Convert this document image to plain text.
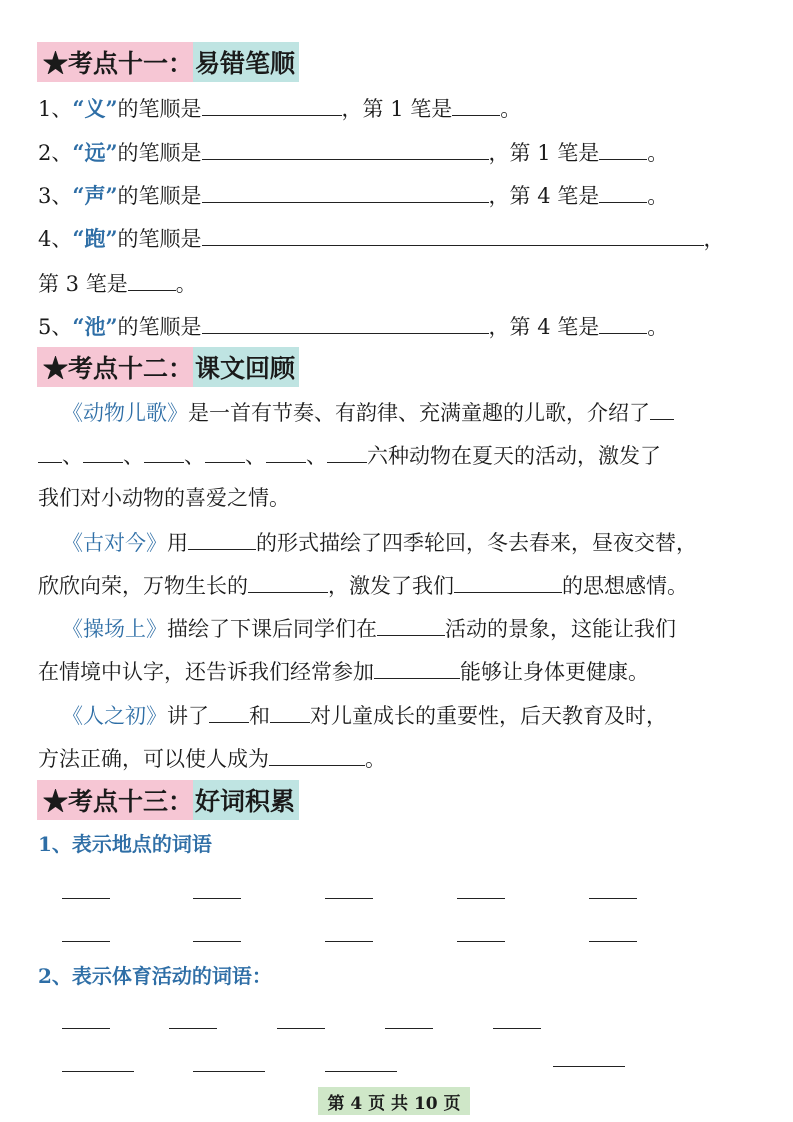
★考点十一： 易错笔顺
1、“义”的笔顺是	，第 1 笔是 。
2、“远”的笔顺是	，第 1 笔是 。
3、“声”的笔顺是	，第 4 笔是 。
4、“跑”的笔顺是	，
第 3 笔是 。
5、“池”的笔顺是	，第 4 笔是 。
★考点十二： 课文回顾
《动物儿歌》是一首有节奏、有韵律、充满童趣的儿歌，介绍了
、 、 、 、 、 六种动物在夏天的活动，激发了
我们对小动物的喜爱之情。
《古对今》用	的形式描绘了四季轮回，冬去春来，昼夜交替，
欣欣向荣，万物生长的	，激发了我们	的思想感情。
《操场上》描绘了下课后同学们在	活动的景象，这能让我们
在情境中认字，还告诉我们经常参加	能够让身体更健康。
《人之初》讲了 和 对儿童成长的重要性，后天教育及时，
方法正确，可以使人成为	。
★考点十三： 好词积累
1、表示地点的词语
2、表示体育活动的词语：
第 4 页 共 10 页
